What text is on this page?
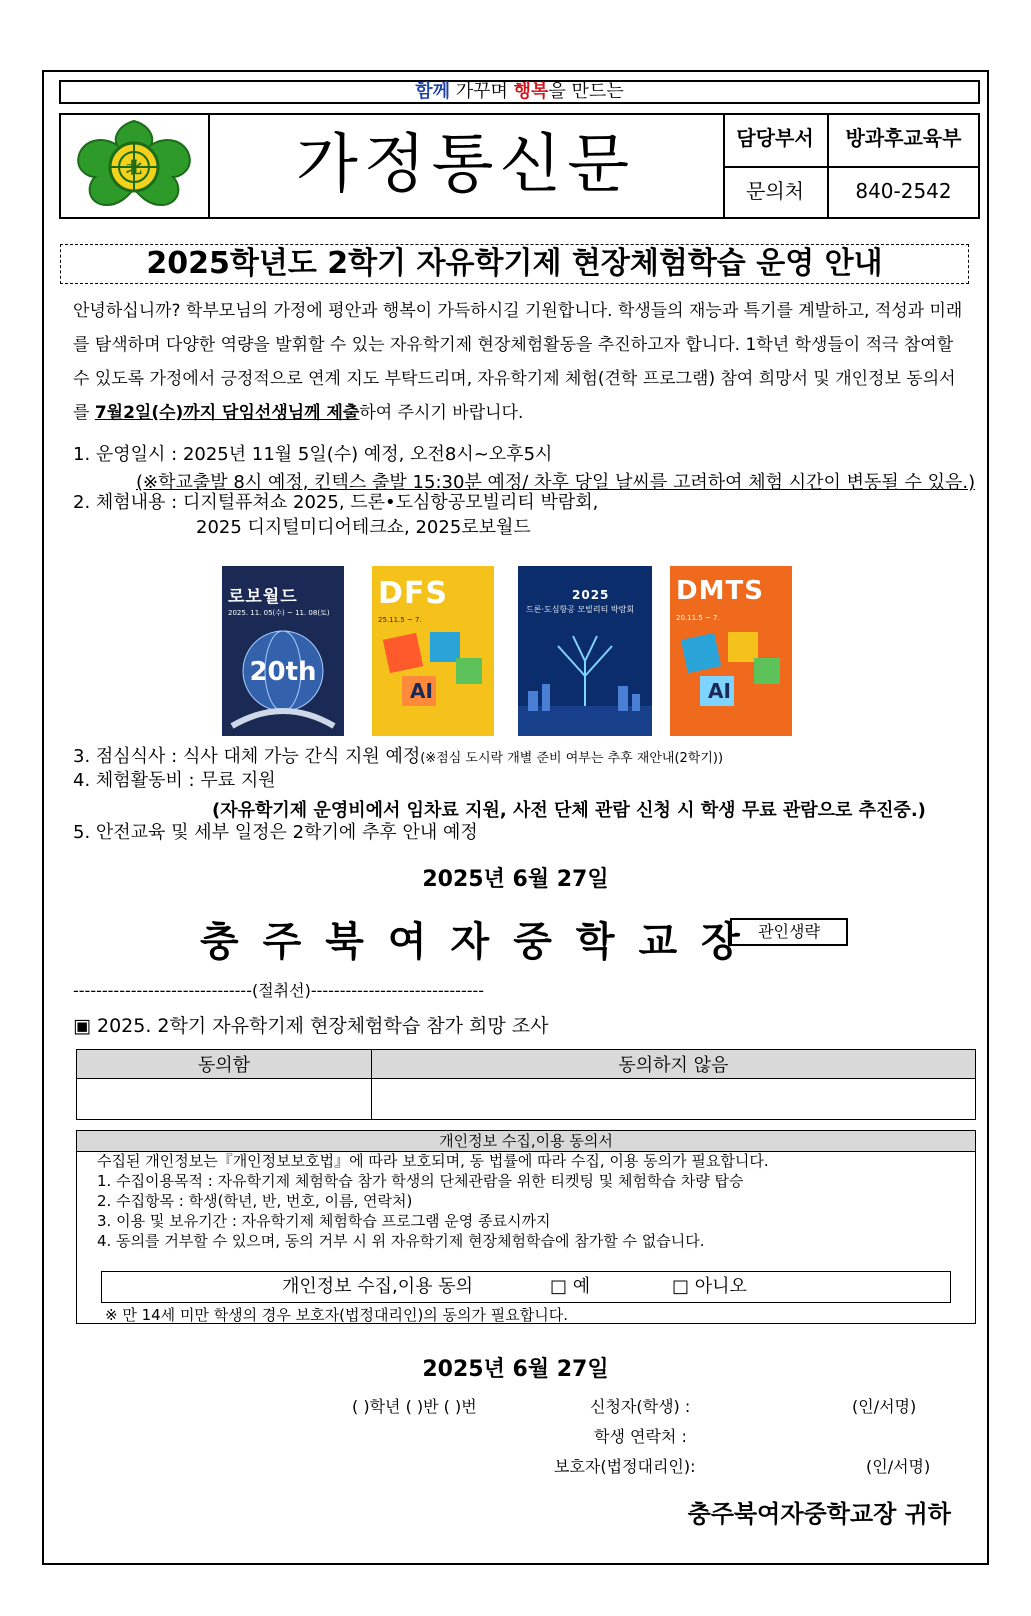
함께 가꾸며 행복을 만드는
北	가정통신문	담당부서	방과후교육부
문의처	840-2542
2025학년도 2학기 자유학기제 현장체험학습 운영 안내
안녕하십니까? 학부모님의 가정에 평안과 행복이 가득하시길 기원합니다. 학생들의 재능과 특기를 계발하고, 적성과 미래를 탐색하며 다양한 역량을 발휘할 수 있는 자유학기제 현장체험활동을 추진하고자 합니다. 1학년 학생들이 적극 참여할 수 있도록 가정에서 긍정적으로 연계 지도 부탁드리며, 자유학기제 체험(견학 프로그램) 참여 희망서 및 개인정보 동의서를 7월2일(수)까지 담임선생님께 제출하여 주시기 바랍니다.
1. 운영일시 : 2025년 11월 5일(수) 예정, 오전8시~오후5시
(※학교출발 8시 예정, 킨텍스 출발 15:30분 예정/ 차후 당일 날씨를 고려하여 체험 시간이 변동될 수 있음.)
2. 체험내용 : 디지털퓨쳐쇼 2025, 드론•도심항공모빌리티 박람회,
2025 디지털미디어테크쇼, 2025로보월드
20th
로보월드
2025. 11. 05(수) ~ 11. 08(토)
AI
DFS
25.11.5 ~ 7.
2025
드론·도심항공 모빌리티 박람회
AI
DMTS
20.11.5 ~ 7.
3. 점심식사 : 식사 대체 가능 간식 지원 예정(※점심 도시락 개별 준비 여부는 추후 재안내(2학기))
4. 체험활동비 : 무료 지원
(자유학기제 운영비에서 임차료 지원, 사전 단체 관람 신청 시 학생 무료 관람으로 추진중.)
5. 안전교육 및 세부 일정은 2학기에 추후 안내 예정
2025년 6월 27일
충주북여자중학교장
관인생략
-------------------------------(절취선)------------------------------
▣ 2025. 2학기 자유학기제 현장체험학습 참가 희망 조사
동의함	동의하지 않음

개인정보 수집,이용 동의서
수집된 개인정보는『개인정보보호법』에 따라 보호되며, 동 법률에 따라 수집, 이용 동의가 필요합니다.
1. 수집이용목적 : 자유학기제 체험학습 참가 학생의 단체관람을 위한 티켓팅 및 체험학습 차량 탑승
2. 수집항목 : 학생(학년, 반, 번호, 이름, 연락처)
3. 이용 및 보유기간 : 자유학기제 체험학습 프로그램 운영 종료시까지
4. 동의를 거부할 수 있으며, 동의 거부 시 위 자유학기제 현장체험학습에 참가할 수 없습니다.
개인정보 수집,이용 동의	□ 예	□ 아니오
※ 만 14세 미만 학생의 경우 보호자(법정대리인)의 동의가 필요합니다.
2025년 6월 27일
( )학년 ( )반 ( )번	신청자(학생) :	(인/서명)
학생 연락처 :
보호자(법정대리인):	(인/서명)
충주북여자중학교장 귀하
